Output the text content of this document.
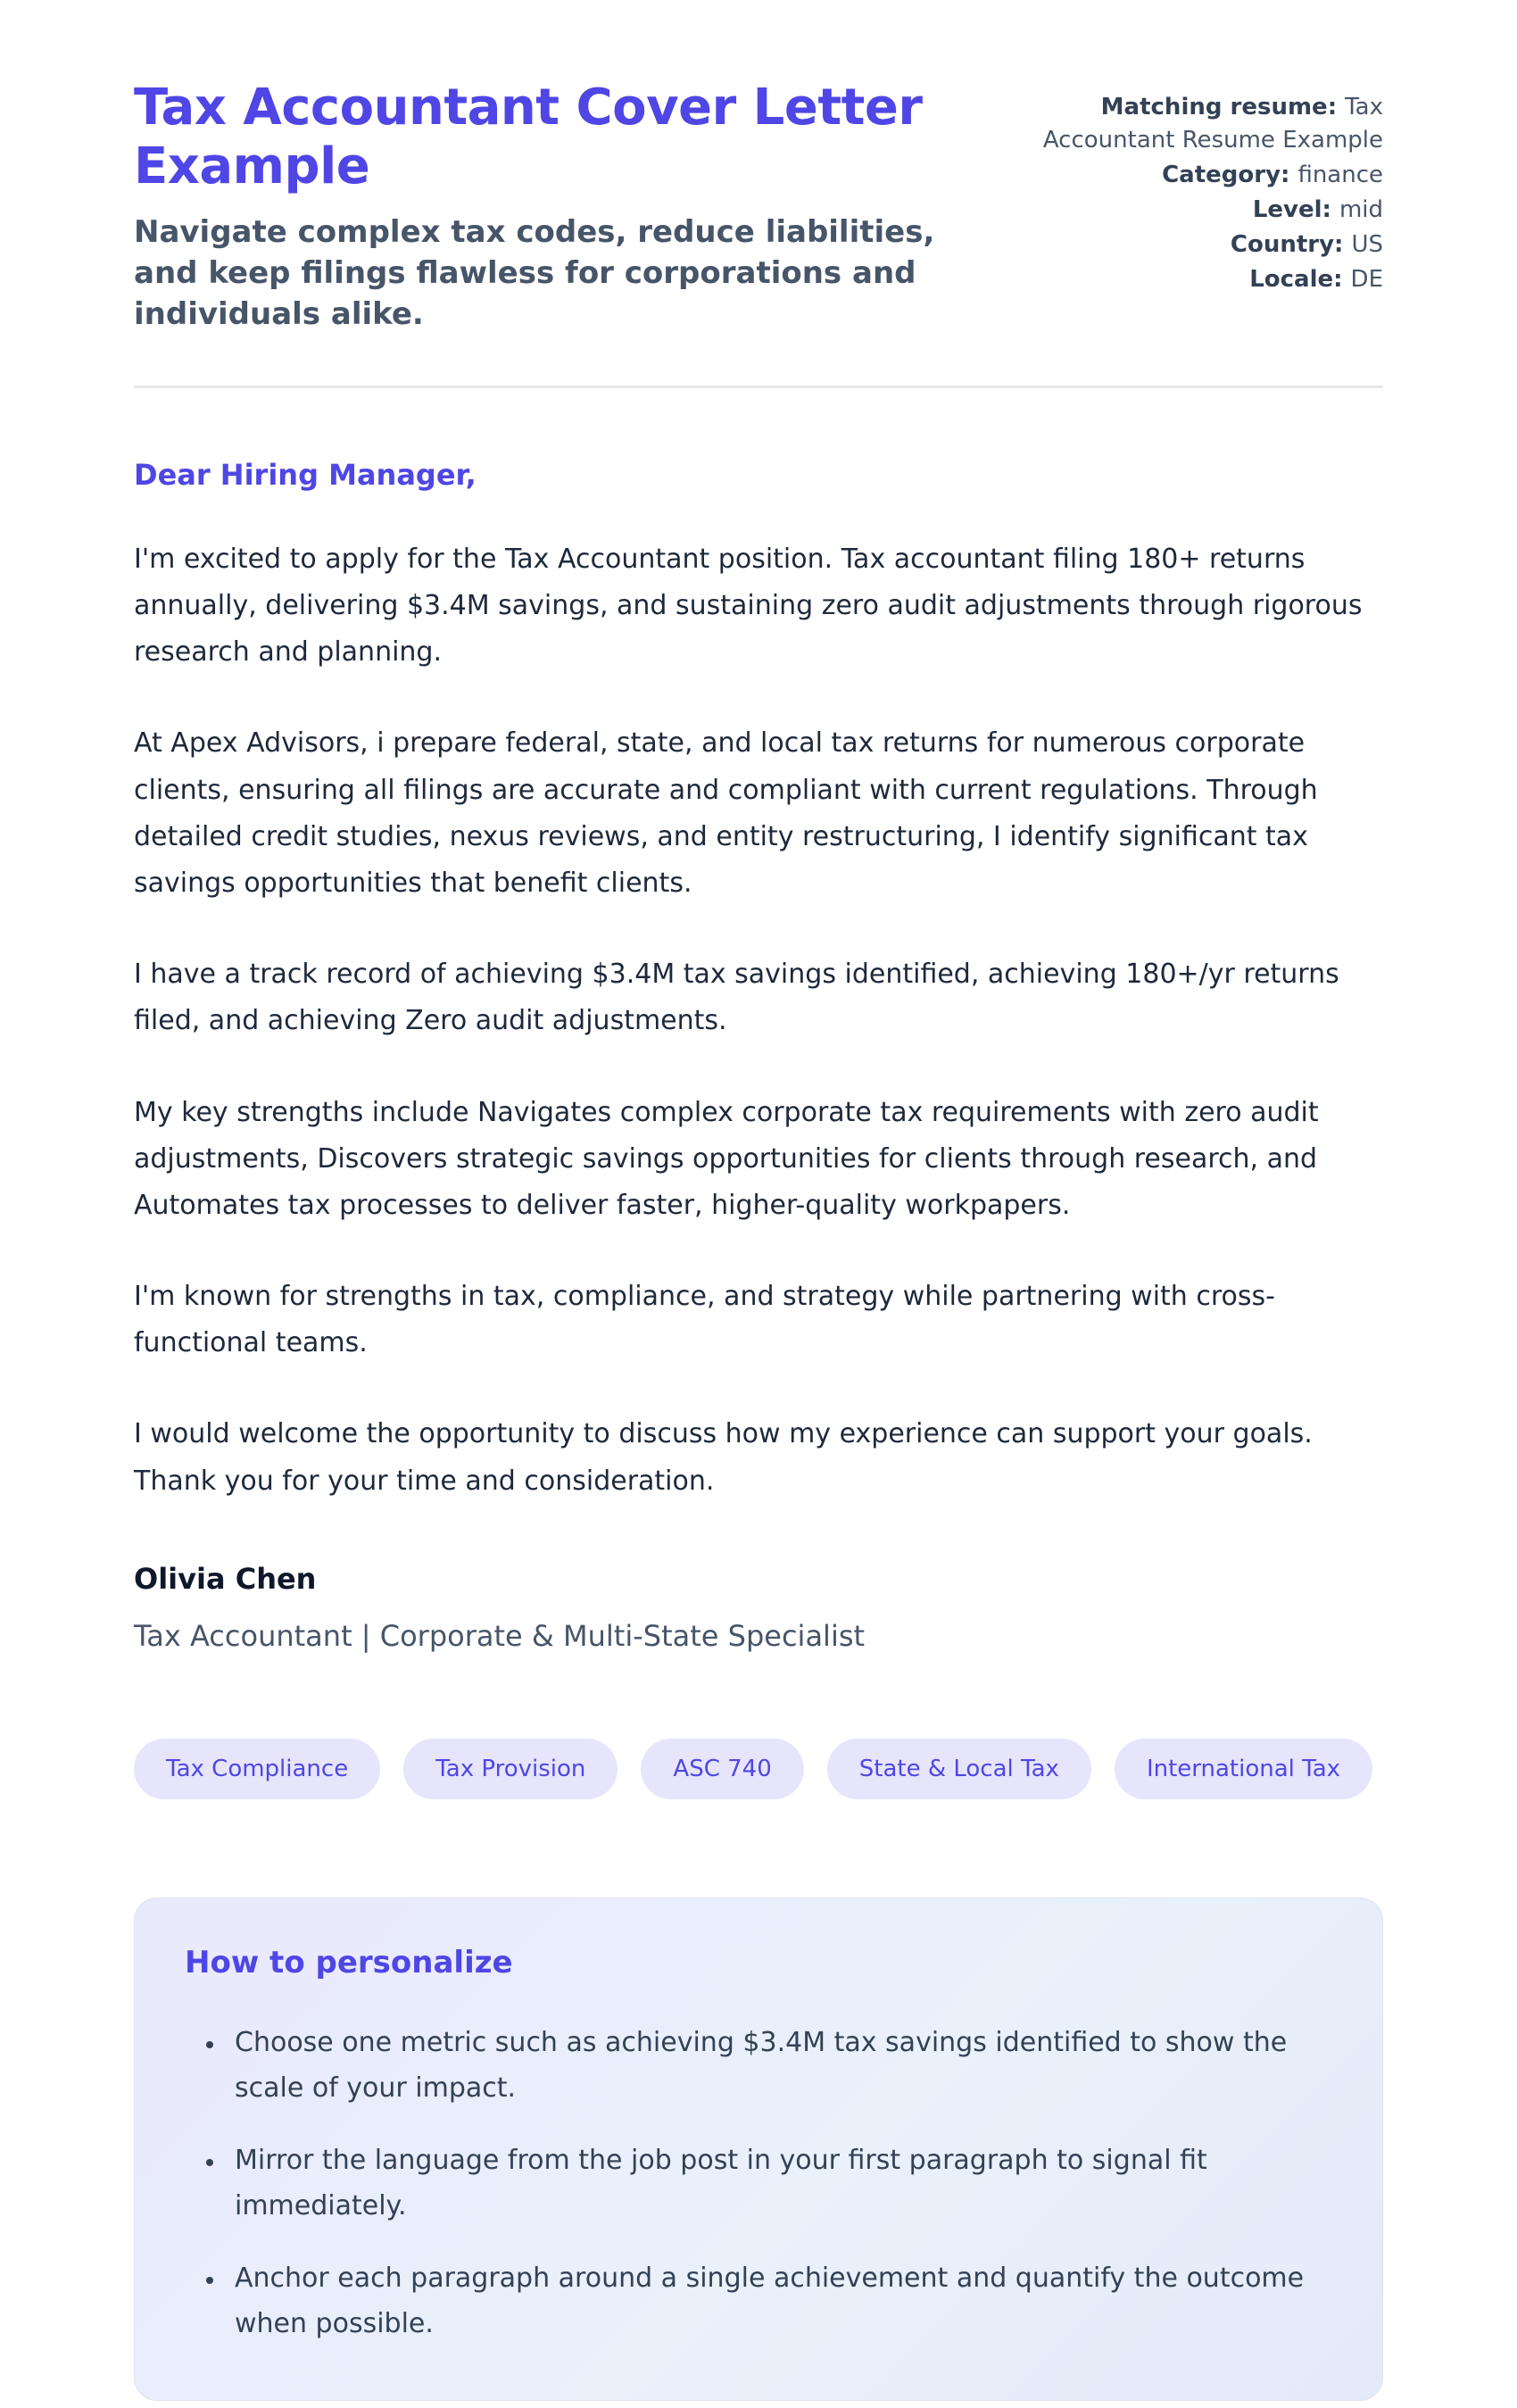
Tax Accountant Cover Letter Example

Navigate complex tax codes, reduce liabilities, and keep filings flawless for corporations and individuals alike.

Matching resume: Tax Accountant Resume Example
Category: finance
Level: mid
Country: US
Locale: DE

Dear Hiring Manager,

I'm excited to apply for the Tax Accountant position. Tax accountant filing 180+ returns annually, delivering $3.4M savings, and sustaining zero audit adjustments through rigorous research and planning.

At Apex Advisors, i prepare federal, state, and local tax returns for numerous corporate clients, ensuring all filings are accurate and compliant with current regulations. Through detailed credit studies, nexus reviews, and entity restructuring, I identify significant tax savings opportunities that benefit clients.

I have a track record of achieving $3.4M tax savings identified, achieving 180+/yr returns filed, and achieving Zero audit adjustments.

My key strengths include Navigates complex corporate tax requirements with zero audit adjustments, Discovers strategic savings opportunities for clients through research, and Automates tax processes to deliver faster, higher-quality workpapers.

I'm known for strengths in tax, compliance, and strategy while partnering with cross-functional teams.

I would welcome the opportunity to discuss how my experience can support your goals. Thank you for your time and consideration.

Olivia Chen

Tax Accountant | Corporate & Multi-State Specialist

Tax Compliance	Tax Provision	ASC 740	State & Local Tax	International Tax
How to personalize
• Choose one metric such as achieving $3.4M tax savings identified to show the scale of your impact.
• Mirror the language from the job post in your first paragraph to signal fit immediately.
• Anchor each paragraph around a single achievement and quantify the outcome when possible.
